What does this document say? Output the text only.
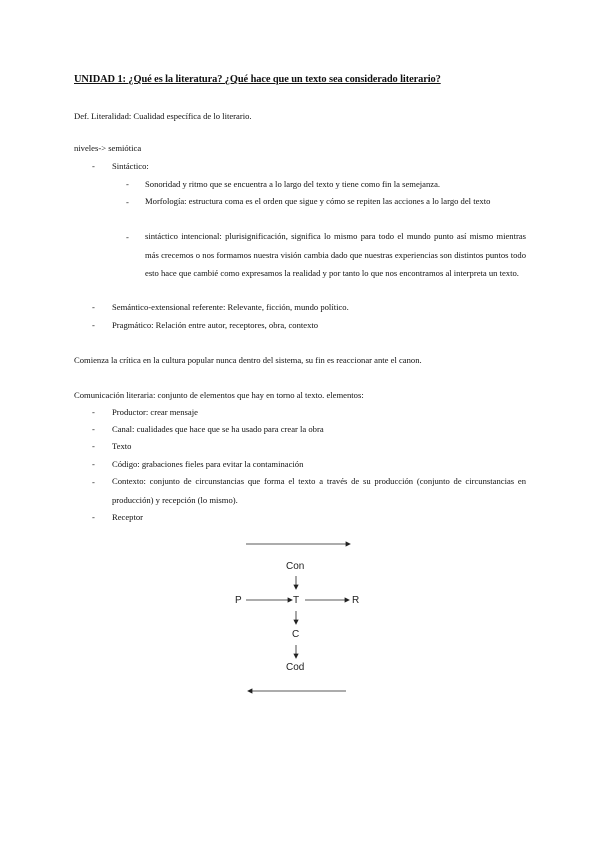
UNIDAD 1: ¿Qué es la literatura? ¿Qué hace que un texto sea considerado literario?
Def. Literalidad: Cualidad específica de lo literario.
niveles-> semiótica
- Sintáctico:
- Sonoridad y ritmo que se encuentra a lo largo del texto y tiene como fin la semejanza.
- Morfología: estructura coma es el orden que sigue y cómo se repiten las acciones a lo largo del texto
- sintáctico intencional: plurisignificación, significa lo mismo para todo el mundo punto así mismo mientras más crecemos o nos formamos nuestra visión cambia dado que nuestras experiencias son distintos puntos todo esto hace que cambié como expresamos la realidad y por tanto lo que nos encontramos al interpreta un texto.
- Semántico-extensional referente: Relevante, ficción, mundo político.
- Pragmático: Relación entre autor, receptores, obra, contexto
Comienza la crítica en la cultura popular nunca dentro del sistema, su fin es reaccionar ante el canon.
Comunicación literaria: conjunto de elementos que hay en torno al texto. elementos:
- Productor: crear mensaje
- Canal: cualidades que hace que se ha usado para crear la obra
- Texto
- Código: grabaciones fieles para evitar la contaminación
- Contexto: conjunto de circunstancias que forma el texto a través de su producción (conjunto de circunstancias en producción) y recepción (lo mismo).
- Receptor
Con
P	T	R
C
Cod
